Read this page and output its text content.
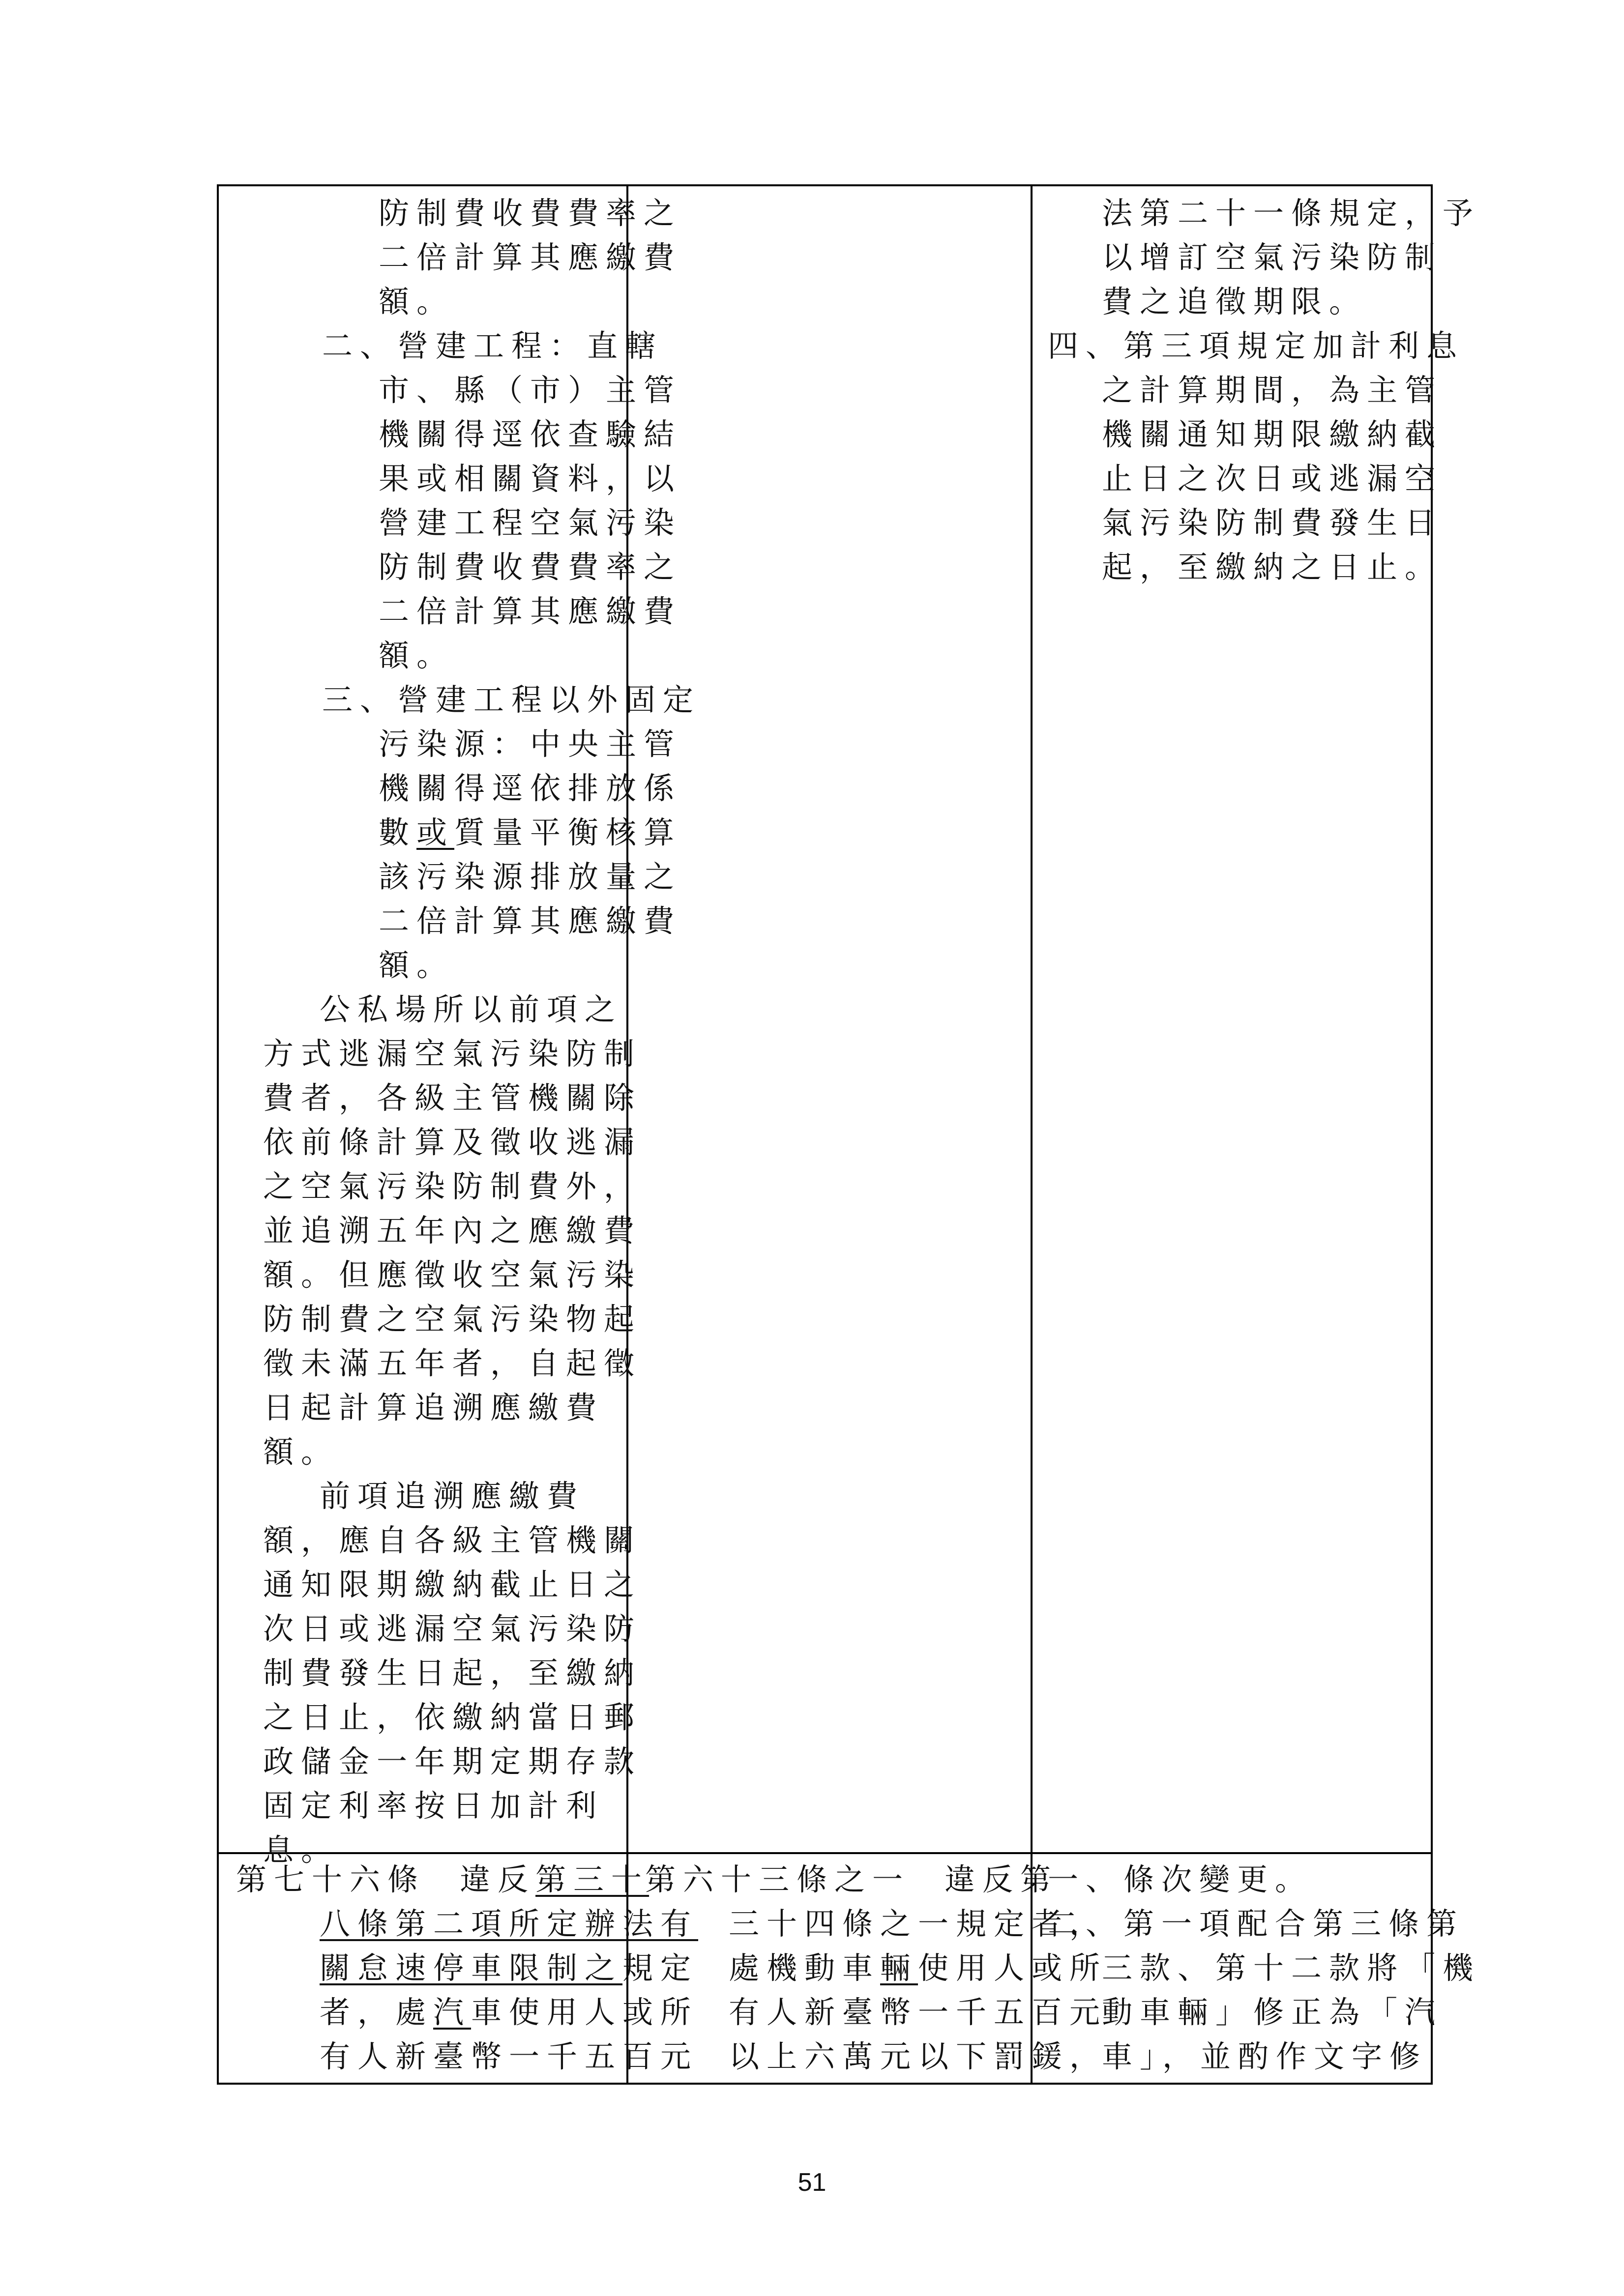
防制費收費費率之
二倍計算其應繳費
額。
二、營建工程：直轄
市、縣（市）主管
機關得逕依查驗結
果或相關資料，以
營建工程空氣污染
防制費收費費率之
二倍計算其應繳費
額。
三、營建工程以外固定
污染源：中央主管
機關得逕依排放係
數或質量平衡核算
該污染源排放量之
二倍計算其應繳費
額。
公私場所以前項之
方式逃漏空氣污染防制
費者，各級主管機關除
依前條計算及徵收逃漏
之空氣污染防制費外，
並追溯五年內之應繳費
額。但應徵收空氣污染
防制費之空氣污染物起
徵未滿五年者，自起徵
日起計算追溯應繳費
額。
前項追溯應繳費
額，應自各級主管機關
通知限期繳納截止日之
次日或逃漏空氣污染防
制費發生日起，至繳納
之日止，依繳納當日郵
政儲金一年期定期存款
固定利率按日加計利
息。
法第二十一條規定，予
以增訂空氣污染防制
費之追徵期限。
四、第三項規定加計利息
之計算期間，為主管
機關通知期限繳納截
止日之次日或逃漏空
氣污染防制費發生日
起，至繳納之日止。
第七十六條 違反第三十
八條第二項所定辦法有
關怠速停車限制之規定
者，處汽車使用人或所
有人新臺幣一千五百元
第六十三條之一 違反第
三十四條之一規定者，
處機動車輛使用人或所
有人新臺幣一千五百元
以上六萬元以下罰鍰，
一、條次變更。
二、第一項配合第三條第
三款、第十二款將「機
動車輛」修正為「汽
車」，並酌作文字修
51
